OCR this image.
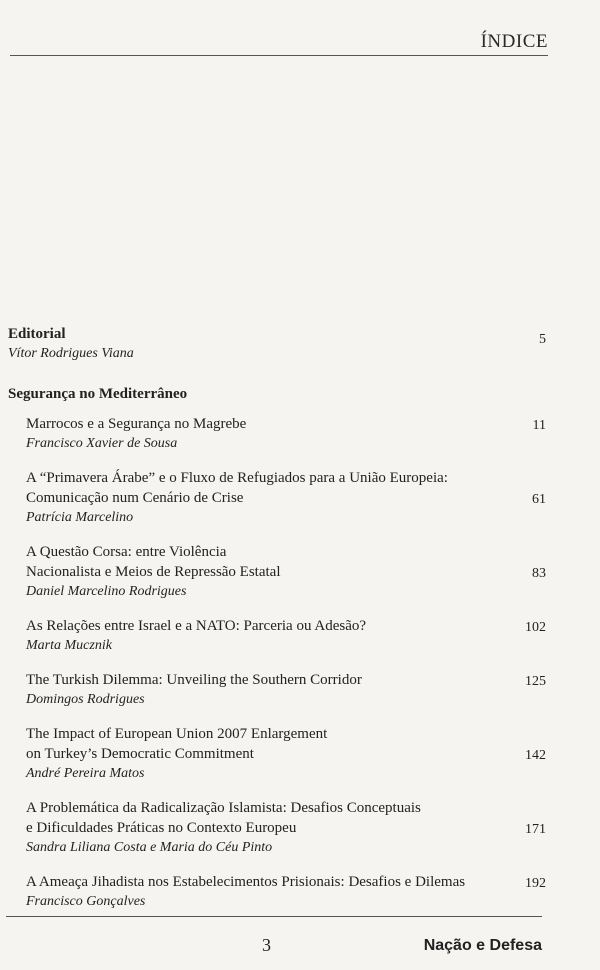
ÍNDICE
Editorial
Vítor Rodrigues Viana
5
Segurança no Mediterrâneo
Marrocos e a Segurança no Magrebe
Francisco Xavier de Sousa
11
A “Primavera Árabe” e o Fluxo de Refugiados para a União Europeia:
Comunicação num Cenário de Crise
Patrícia Marcelino
61
A Questão Corsa: entre Violência
Nacionalista e Meios de Repressão Estatal
Daniel Marcelino Rodrigues
83
As Relações entre Israel e a NATO: Parceria ou Adesão?
Marta Mucznik
102
The Turkish Dilemma: Unveiling the Southern Corridor
Domingos Rodrigues
125
The Impact of European Union 2007 Enlargement
on Turkey’s Democratic Commitment
André Pereira Matos
142
A Problemática da Radicalização Islamista: Desafios Conceptuais
e Dificuldades Práticas no Contexto Europeu
Sandra Liliana Costa e Maria do Céu Pinto
171
A Ameaça Jihadista nos Estabelecimentos Prisionais: Desafios e Dilemas
Francisco Gonçalves
192
3	Nação e Defesa
